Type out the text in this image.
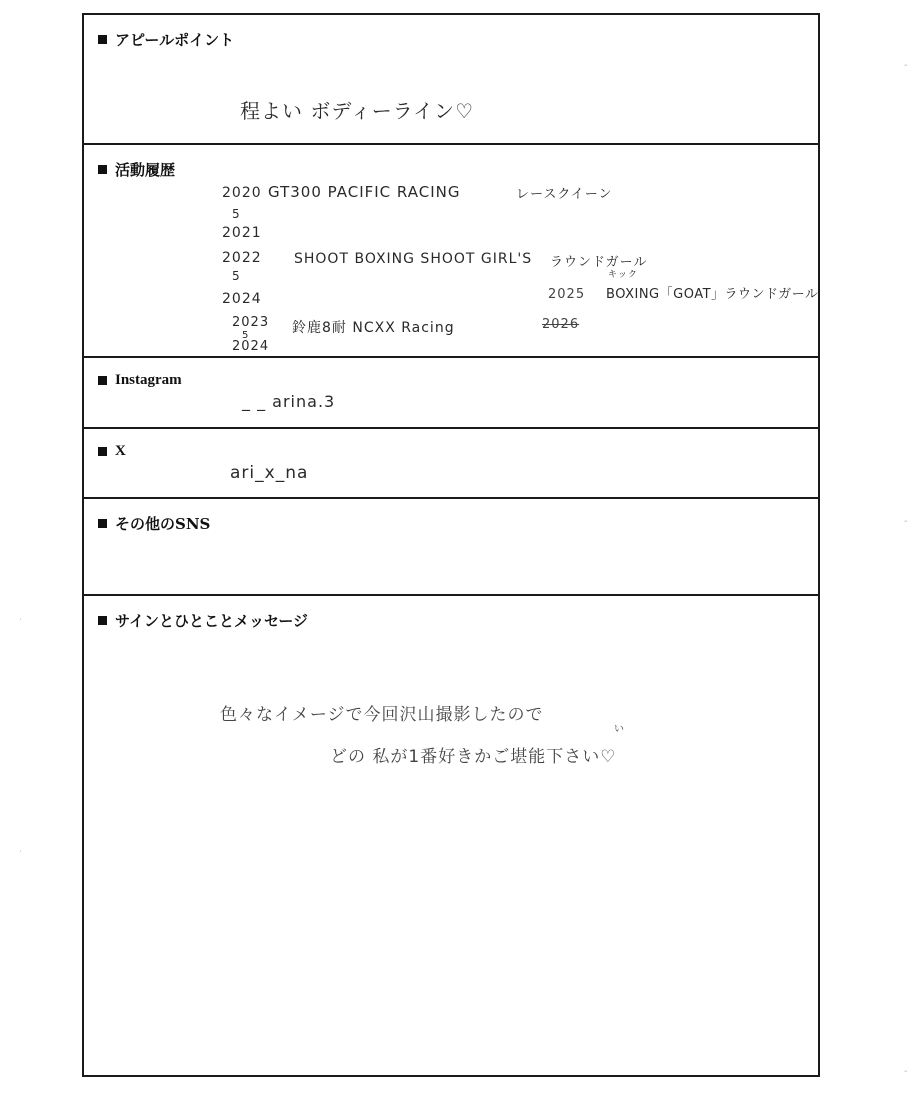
アピールポイント
程よい ボディーライン♡
活動履歴
2020
5
2021
GT300 PACIFIC RACING	レースクイーン
2022
5
2024
SHOOT BOXING SHOOT GIRL'S ラウンドガール
2023
5
2024
鈴鹿8耐 NCXX Racing
2025
2026
キック
BOXING「GOAT」ラウンドガール
Instagram
_ _ arina.3
X
ari_x_na
その他のSNS
サインとひとことメッセージ
色々なイメージで今回沢山撮影したので
い
どの 私が1番好きかご堪能下さい♡
˙
˙
-
-
-
